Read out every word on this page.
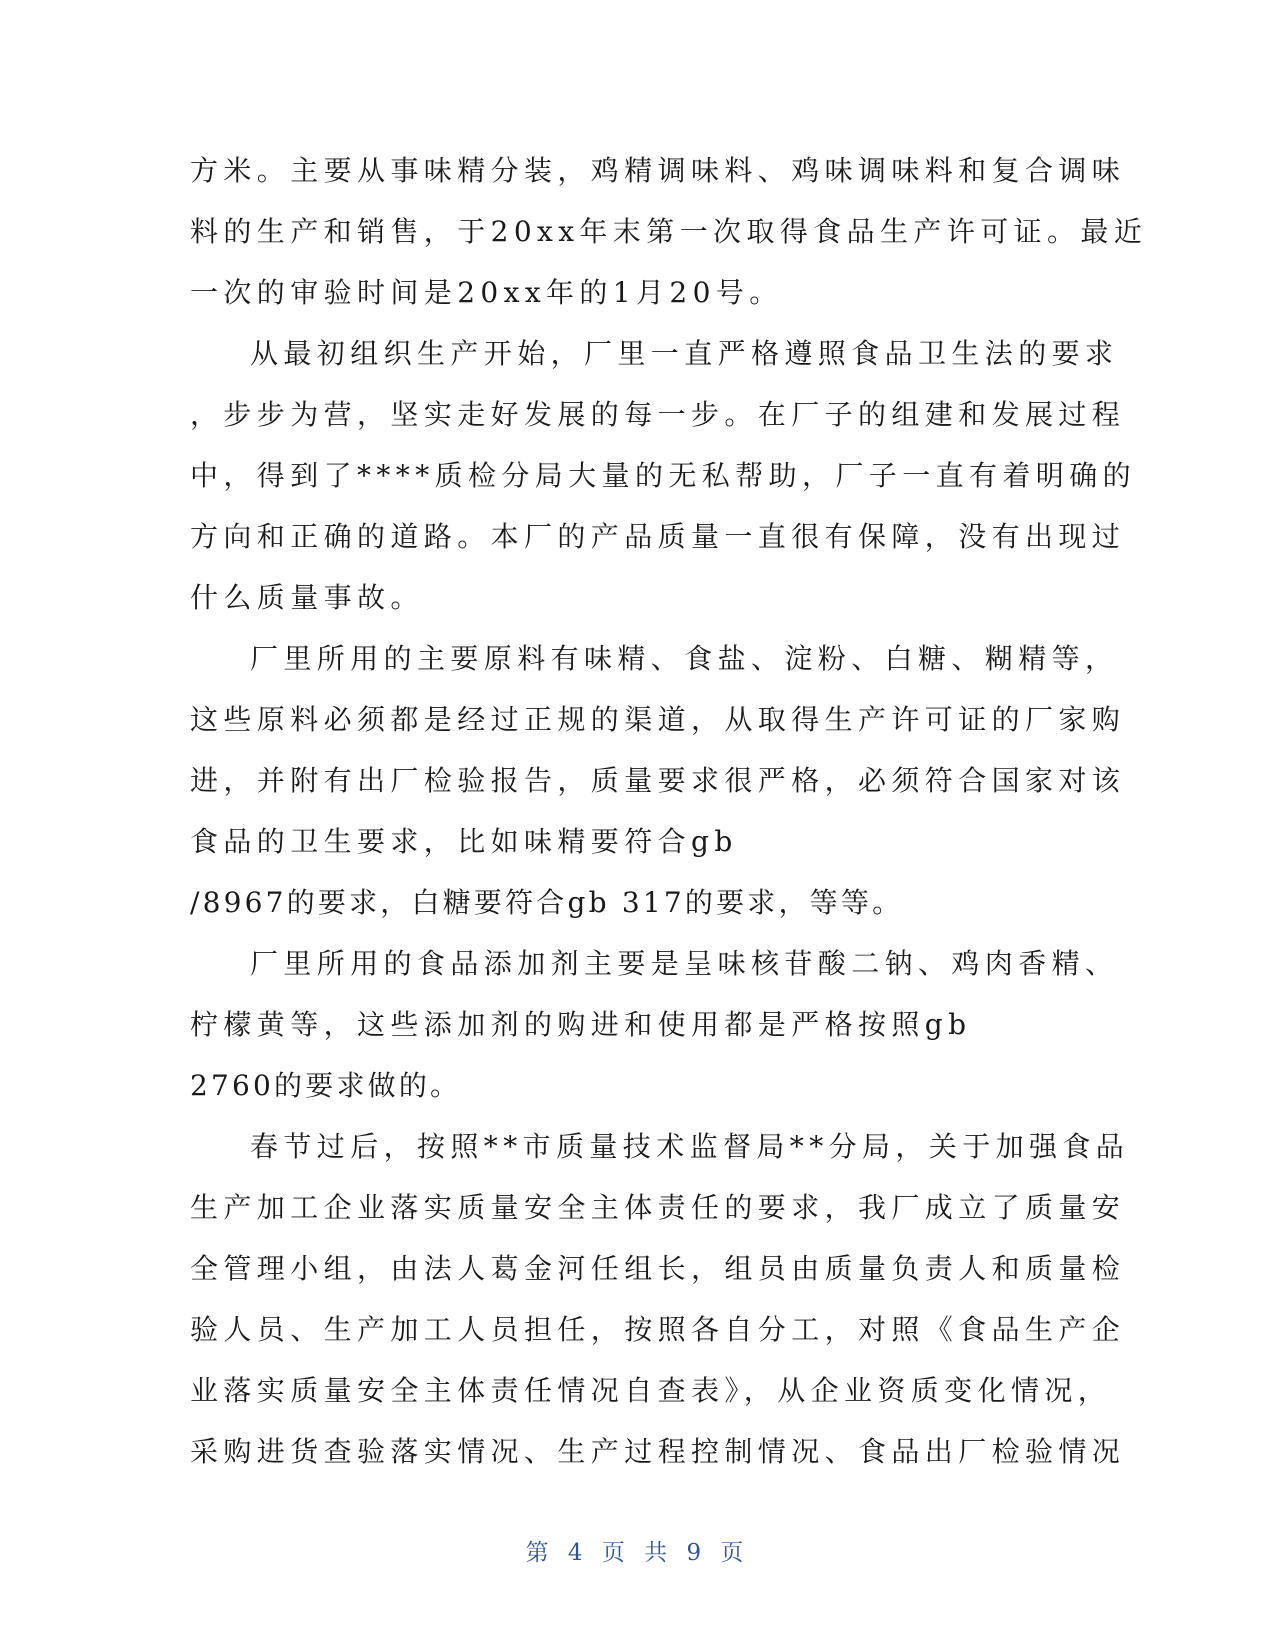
方米。主要从事味精分装，鸡精调味料、鸡味调味料和复合调味
料的生产和销售，于20xx年末第一次取得食品生产许可证。最近
一次的审验时间是20xx年的1月20号。
从最初组织生产开始，厂里一直严格遵照食品卫生法的要求
，步步为营，坚实走好发展的每一步。在厂子的组建和发展过程
中，得到了****质检分局大量的无私帮助，厂子一直有着明确的
方向和正确的道路。本厂的产品质量一直很有保障，没有出现过
什么质量事故。
厂里所用的主要原料有味精、食盐、淀粉、白糖、糊精等，
这些原料必须都是经过正规的渠道，从取得生产许可证的厂家购
进，并附有出厂检验报告，质量要求很严格，必须符合国家对该
食品的卫生要求，比如味精要符合gb
/8967的要求，白糖要符合gb 317的要求，等等。
厂里所用的食品添加剂主要是呈味核苷酸二钠、鸡肉香精、
柠檬黄等，这些添加剂的购进和使用都是严格按照gb
2760的要求做的。
春节过后，按照**市质量技术监督局**分局，关于加强食品
生产加工企业落实质量安全主体责任的要求，我厂成立了质量安
全管理小组，由法人葛金河任组长，组员由质量负责人和质量检
验人员、生产加工人员担任，按照各自分工，对照《食品生产企
业落实质量安全主体责任情况自查表》，从企业资质变化情况，
采购进货查验落实情况、生产过程控制情况、食品出厂检验情况
第 4 页 共 9 页
